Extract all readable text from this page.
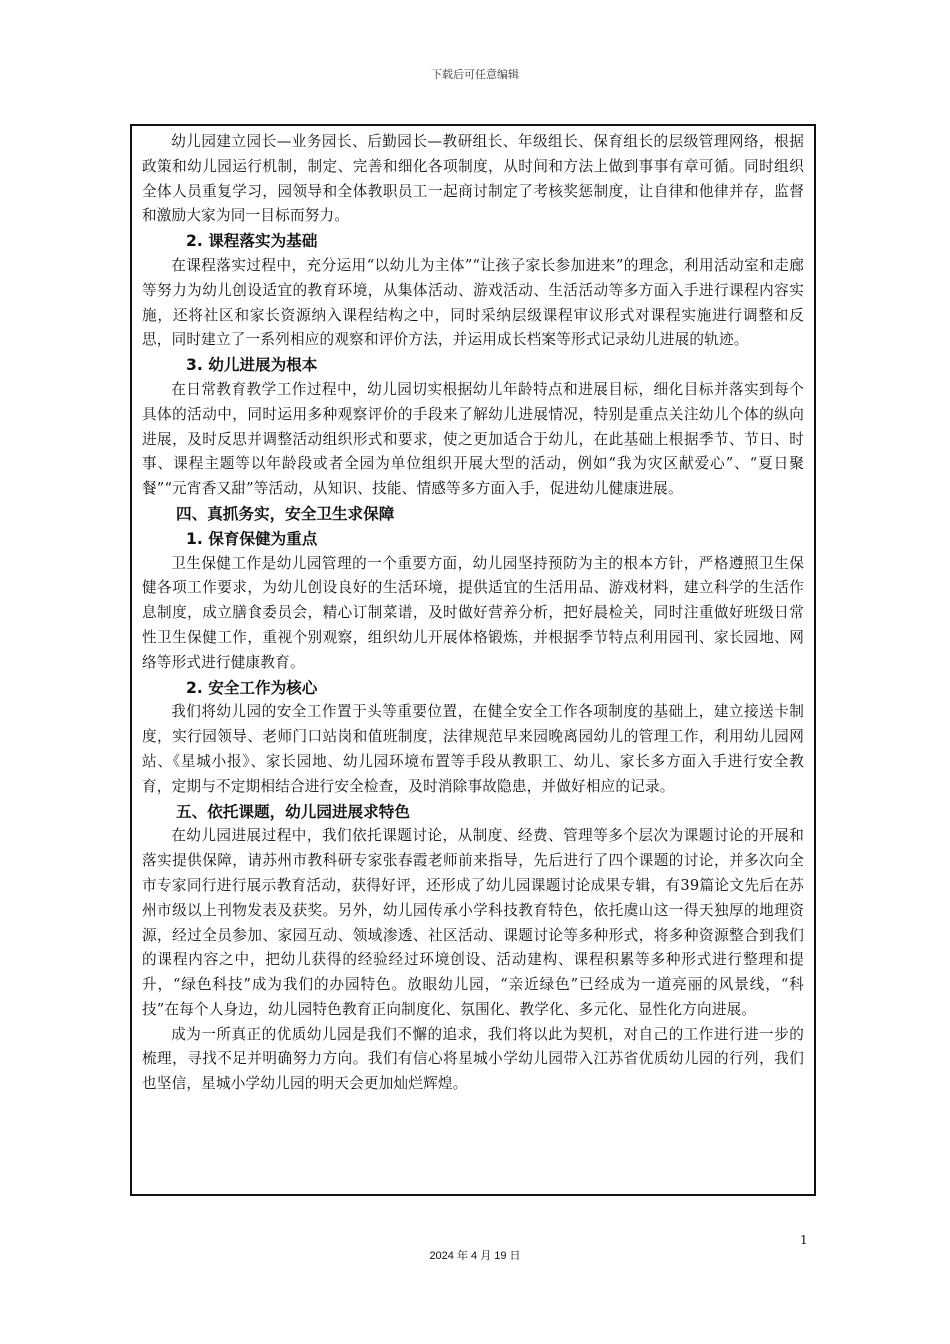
下载后可任意编辑

幼儿园建立园长—业务园长、后勤园长—教研组长、年级组长、保育组长的层级管理网络，根据政策和幼儿园运行机制，制定、完善和细化各项制度，从时间和方法上做到事事有章可循。同时组织全体人员重复学习，园领导和全体教职员工一起商讨制定了考核奖惩制度，让自律和他律并存，监督和激励大家为同一目标而努力。

2. 课程落实为基础

在课程落实过程中，充分运用“以幼儿为主体”“让孩子家长参加进来”的理念，利用活动室和走廊等努力为幼儿创设适宜的教育环境，从集体活动、游戏活动、生活活动等多方面入手进行课程内容实施，还将社区和家长资源纳入课程结构之中，同时采纳层级课程审议形式对课程实施进行调整和反思，同时建立了一系列相应的观察和评价方法，并运用成长档案等形式记录幼儿进展的轨迹。

3. 幼儿进展为根本

在日常教育教学工作过程中，幼儿园切实根据幼儿年龄特点和进展目标，细化目标并落实到每个具体的活动中，同时运用多种观察评价的手段来了解幼儿进展情况，特别是重点关注幼儿个体的纵向进展，及时反思并调整活动组织形式和要求，使之更加适合于幼儿，在此基础上根据季节、节日、时事、课程主题等以年龄段或者全园为单位组织开展大型的活动，例如“我为灾区献爱心”、“夏日聚餐”“元宵香又甜”等活动，从知识、技能、情感等多方面入手，促进幼儿健康进展。

四、真抓务实，安全卫生求保障
1. 保育保健为重点

卫生保健工作是幼儿园管理的一个重要方面，幼儿园坚持预防为主的根本方针，严格遵照卫生保健各项工作要求，为幼儿创设良好的生活环境，提供适宜的生活用品、游戏材料，建立科学的生活作息制度，成立膳食委员会，精心订制菜谱，及时做好营养分析，把好晨检关，同时注重做好班级日常性卫生保健工作，重视个别观察，组织幼儿开展体格锻炼，并根据季节特点利用园刊、家长园地、网络等形式进行健康教育。

2. 安全工作为核心

我们将幼儿园的安全工作置于头等重要位置，在健全安全工作各项制度的基础上，建立接送卡制度，实行园领导、老师门口站岗和值班制度，法律规范早来园晚离园幼儿的管理工作，利用幼儿园网站、《星城小报》、家长园地、幼儿园环境布置等手段从教职工、幼儿、家长多方面入手进行安全教育，定期与不定期相结合进行安全检查，及时消除事故隐患，并做好相应的记录。

五、依托课题，幼儿园进展求特色

在幼儿园进展过程中，我们依托课题讨论，从制度、经费、管理等多个层次为课题讨论的开展和落实提供保障，请苏州市教科研专家张春霞老师前来指导，先后进行了四个课题的讨论，并多次向全市专家同行进行展示教育活动，获得好评，还形成了幼儿园课题讨论成果专辑，有39篇论文先后在苏州市级以上刊物发表及获奖。另外，幼儿园传承小学科技教育特色，依托虞山这一得天独厚的地理资源，经过全员参加、家园互动、领域渗透、社区活动、课题讨论等多种形式，将多种资源整合到我们的课程内容之中，把幼儿获得的经验经过环境创设、活动建构、课程积累等多种形式进行整理和提升，“绿色科技”成为我们的办园特色。放眼幼儿园，“亲近绿色”已经成为一道亮丽的风景线，“科技”在每个人身边，幼儿园特色教育正向制度化、氛围化、教学化、多元化、显性化方向进展。

成为一所真正的优质幼儿园是我们不懈的追求，我们将以此为契机，对自己的工作进行进一步的梳理，寻找不足并明确努力方向。我们有信心将星城小学幼儿园带入江苏省优质幼儿园的行列，我们也坚信，星城小学幼儿园的明天会更加灿烂辉煌。

1
2024 年 4 月 19 日
